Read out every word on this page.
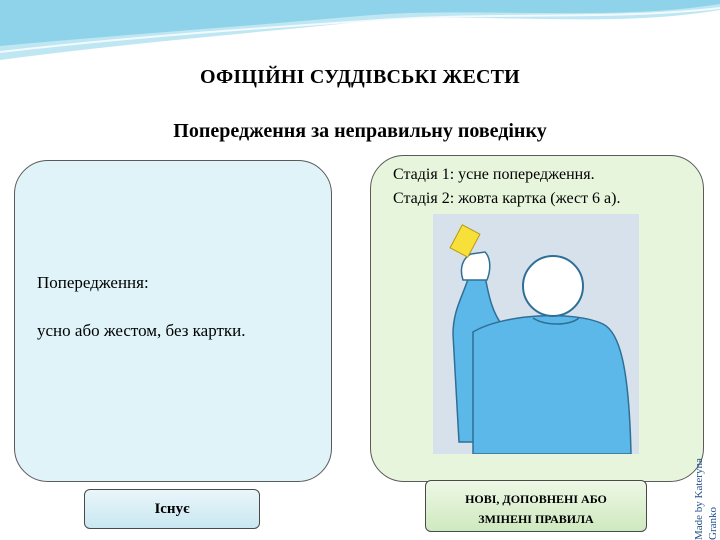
ОФІЦІЙНІ СУДДІВСЬКІ ЖЕСТИ
Попередження за неправильну поведінку
Попередження:
усно або жестом, без картки.
Стадія 1: усне попередження.
Стадія 2: жовта картка (жест 6 а).
Існує
НОВІ, ДОПОВНЕНІ АБО
ЗМІНЕНІ ПРАВИЛА	Made by Kateryna Granko
